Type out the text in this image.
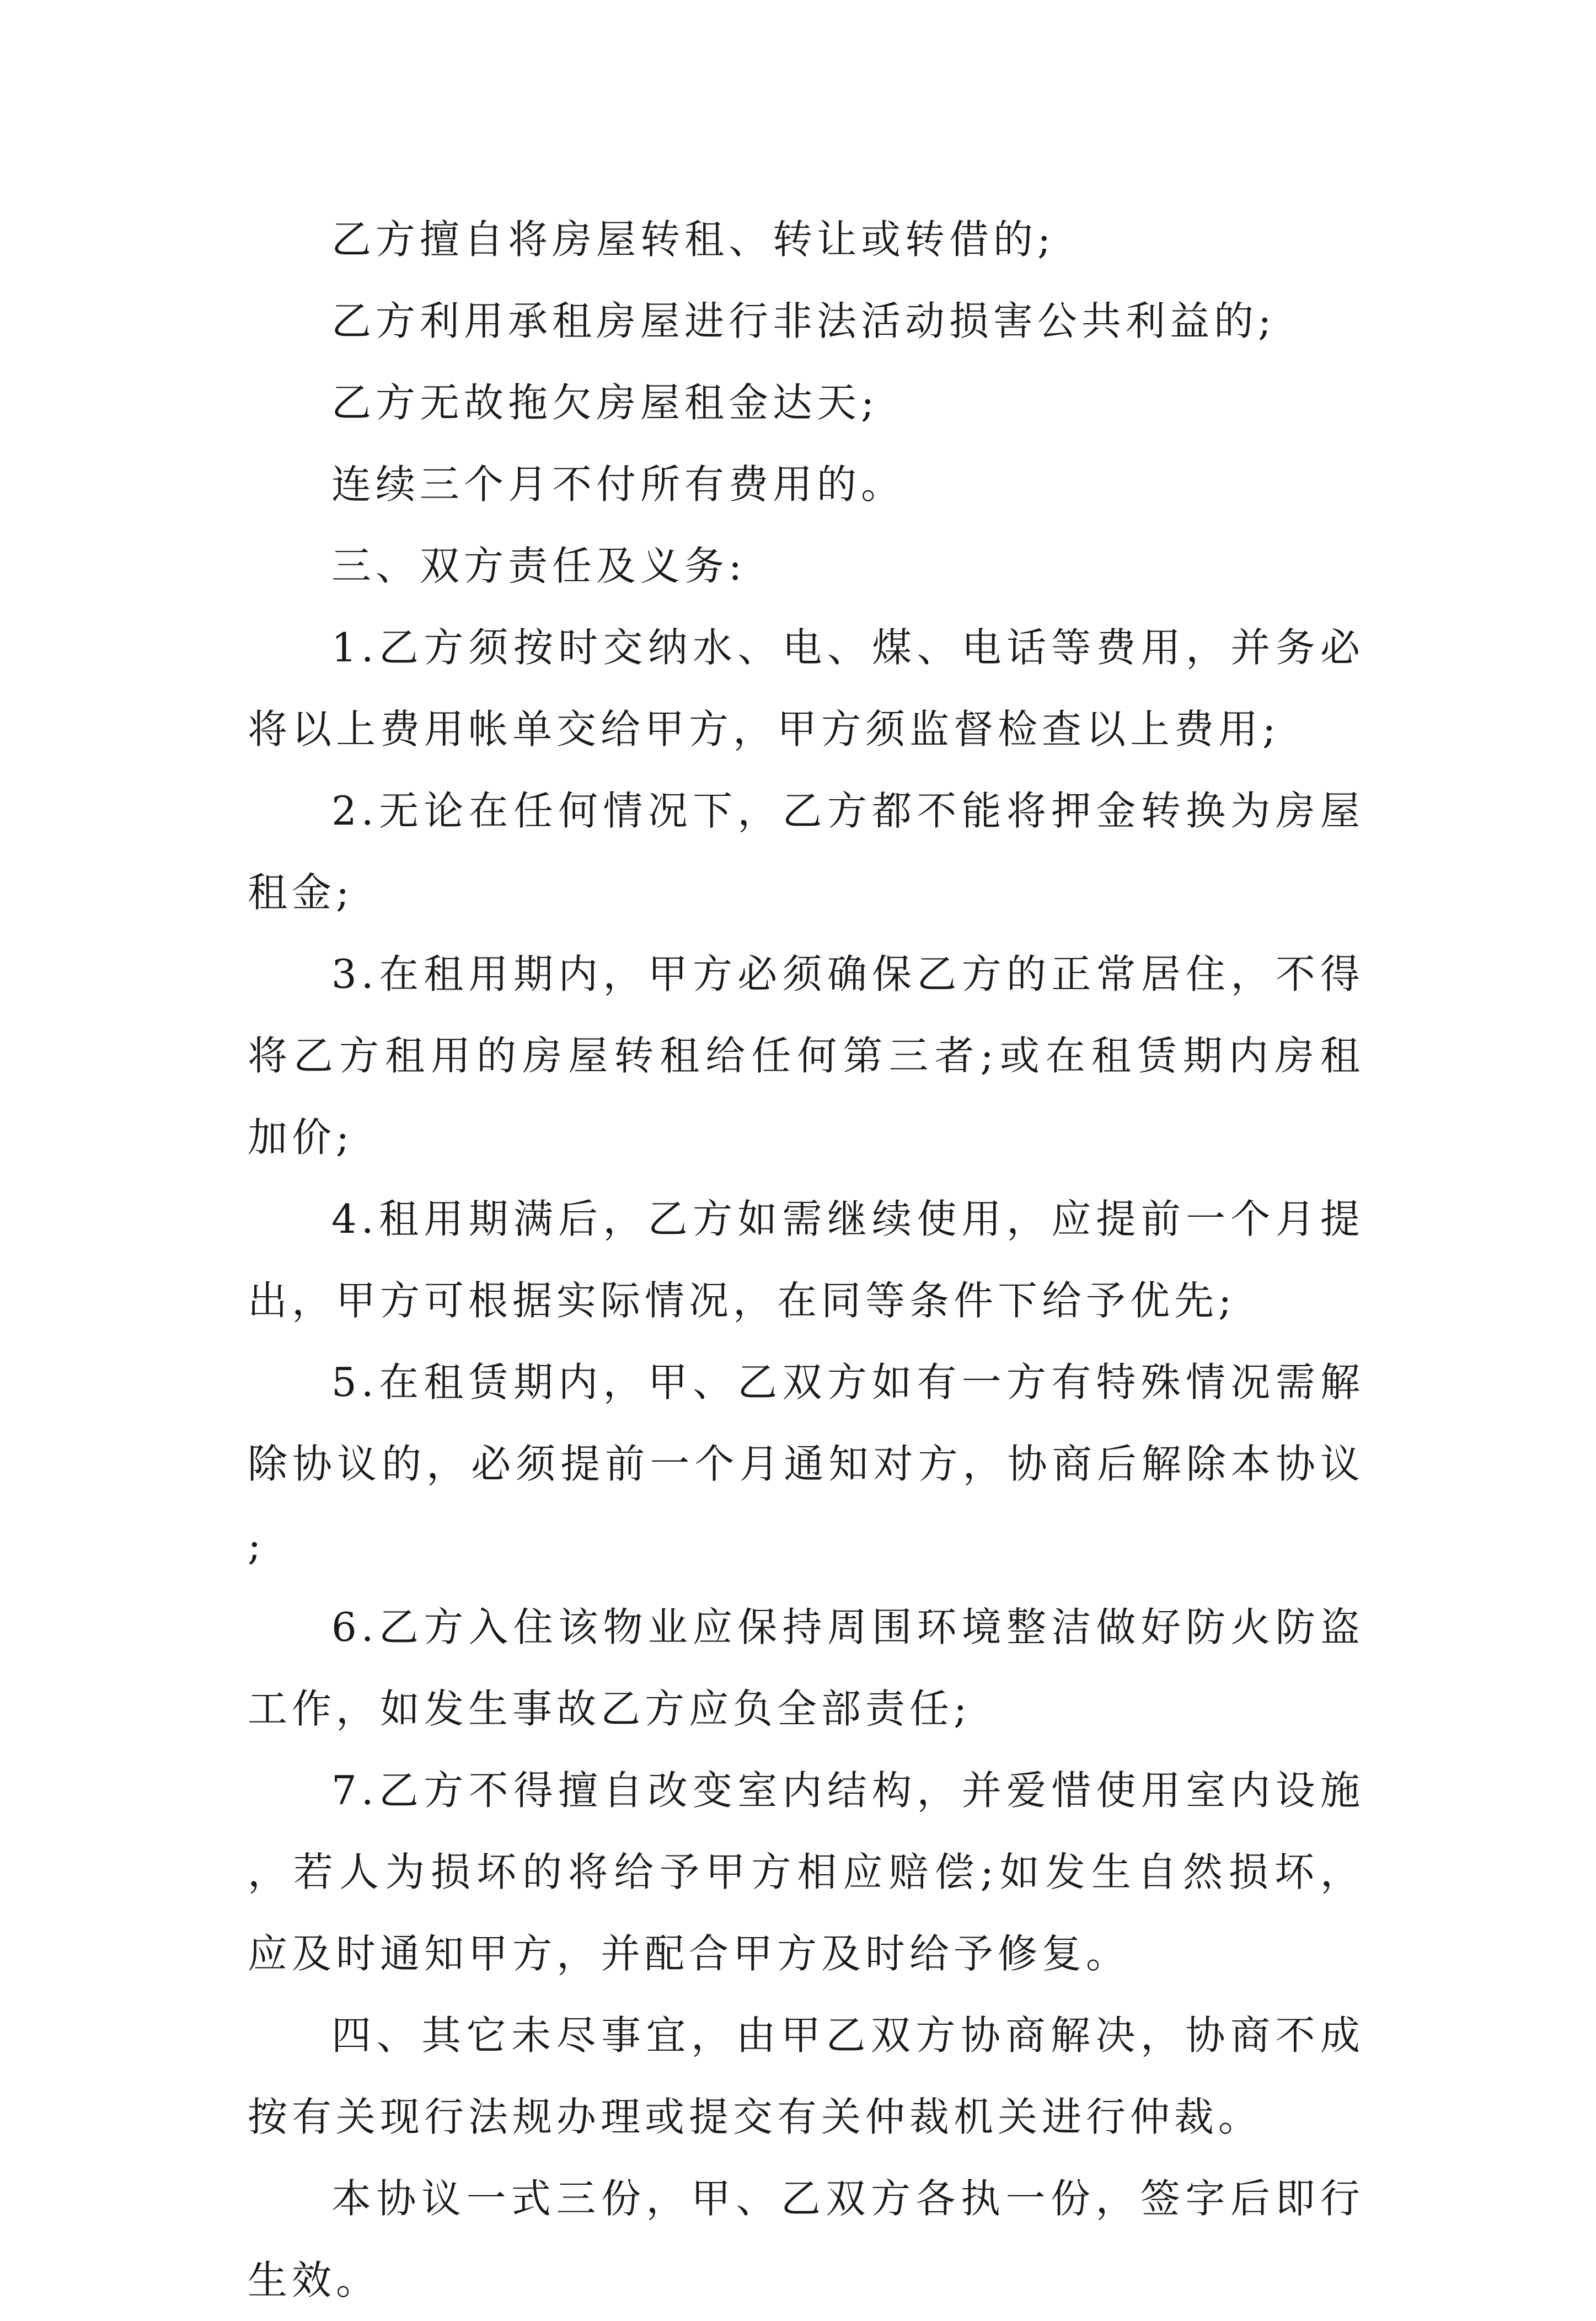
乙方擅自将房屋转租、转让或转借的;

乙方利用承租房屋进行非法活动损害公共利益的;

乙方无故拖欠房屋租金达天;

连续三个月不付所有费用的。

三、双方责任及义务:

1.乙方须按时交纳水、电、煤、电话等费用，并务必将以上费用帐单交给甲方，甲方须监督检查以上费用;

2.无论在任何情况下，乙方都不能将押金转换为房屋租金;

3.在租用期内，甲方必须确保乙方的正常居住，不得将乙方租用的房屋转租给任何第三者;或在租赁期内房租加价;

4.租用期满后，乙方如需继续使用，应提前一个月提出，甲方可根据实际情况，在同等条件下给予优先;

5.在租赁期内，甲、乙双方如有一方有特殊情况需解除协议的，必须提前一个月通知对方，协商后解除本协议;

6.乙方入住该物业应保持周围环境整洁做好防火防盗工作，如发生事故乙方应负全部责任;

7.乙方不得擅自改变室内结构，并爱惜使用室内设施，若人为损坏的将给予甲方相应赔偿;如发生自然损坏，应及时通知甲方，并配合甲方及时给予修复。

四、其它未尽事宜，由甲乙双方协商解决，协商不成按有关现行法规办理或提交有关仲裁机关进行仲裁。

本协议一式三份，甲、乙双方各执一份，签字后即行生效。
